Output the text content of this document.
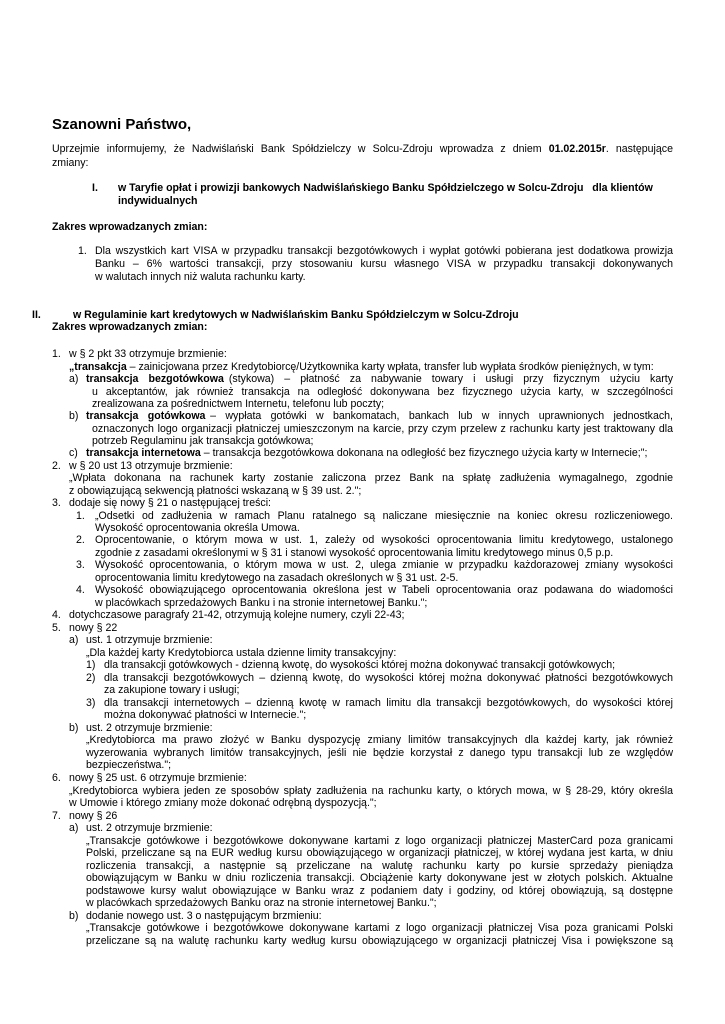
Szanowni Państwo,
Uprzejmie informujemy, że Nadwiślański Bank Spółdzielczy w Solcu-Zdroju wprowadza z dniem 01.02.2015r. następujące
zmiany:
I. w Taryfie opłat i prowizji bankowych Nadwiślańskiego Banku Spółdzielczego w Solcu-Zdroju   dla klientów
indywidualnych
Zakres wprowadzanych zmian:
1. Dla wszystkich kart VISA w przypadku transakcji bezgotówkowych i wypłat gotówki pobierana jest dodatkowa prowizja
Banku – 6% wartości transakcji, przy stosowaniu kursu własnego VISA w przypadku transakcji dokonywanych
w walutach innych niż waluta rachunku karty.
II.	w Regulaminie kart kredytowych w Nadwiślańskim Banku Spółdzielczym w Solcu-Zdroju
Zakres wprowadzanych zmian:
1. w § 2 pkt 33 otrzymuje brzmienie:
„transakcja – zainicjowana przez Kredytobiorcę/Użytkownika karty wpłata, transfer lub wypłata środków pieniężnych, w tym:
a) transakcja  bezgotówkowa (stykowa)  –  płatność  za  nabywanie  towary  i  usługi  przy  fizycznym  użyciu  karty
u akceptantów, jak również transakcja na odległość dokonywana bez fizycznego użycia karty, w szczególności
zrealizowana za pośrednictwem Internetu, telefonu lub poczty;
b) transakcja  gotówkowa –  wypłata  gotówki  w  bankomatach,  bankach  lub  w  innych  uprawnionych  jednostkach,
oznaczonych logo organizacji płatniczej umieszczonym na karcie, przy czym przelew z rachunku karty jest traktowany dla
potrzeb Regulaminu jak transakcja gotówkowa;
c) transakcja internetowa – transakcja bezgotówkowa dokonana na odległość bez fizycznego użycia karty w Internecie;";
2. w § 20 ust 13 otrzymuje brzmienie:
„Wpłata dokonana na rachunek karty zostanie zaliczona przez Bank na spłatę zadłużenia wymagalnego, zgodnie
z obowiązującą sekwencją płatności wskazaną w § 39 ust. 2.";
3. dodaje się nowy § 21 o następującej treści:
1. „Odsetki od zadłużenia w ramach Planu ratalnego są naliczane miesięcznie na koniec okresu rozliczeniowego.
Wysokość oprocentowania określa Umowa.
2. Oprocentowanie, o którym mowa w ust. 1, zależy od wysokości oprocentowania limitu kredytowego, ustalonego
zgodnie z zasadami określonymi w § 31 i stanowi wysokość oprocentowania limitu kredytowego minus 0,5 p.p.
3. Wysokość oprocentowania, o którym mowa w ust. 2, ulega zmianie w przypadku każdorazowej zmiany wysokości
oprocentowania limitu kredytowego na zasadach określonych w § 31 ust. 2-5.
4. Wysokość obowiązującego oprocentowania określona jest w Tabeli oprocentowania oraz podawana do wiadomości
w placówkach sprzedażowych Banku i na stronie internetowej Banku.";
4. dotychczasowe paragrafy 21-42, otrzymują kolejne numery, czyli 22-43;
5. nowy § 22
a) ust. 1 otrzymuje brzmienie:
„Dla każdej karty Kredytobiorca ustala dzienne limity transakcyjny:
1) dla transakcji gotówkowych - dzienną kwotę, do wysokości której można dokonywać transakcji gotówkowych;
2) dla transakcji bezgotówkowych – dzienną kwotę, do wysokości której można dokonywać płatności bezgotówkowych
za zakupione towary i usługi;
3) dla transakcji internetowych – dzienną kwotę w ramach limitu dla transakcji bezgotówkowych, do wysokości której
można dokonywać płatności w Internecie.";
b) ust. 2 otrzymuje brzmienie:
„Kredytobiorca ma prawo złożyć w Banku dyspozycję zmiany limitów transakcyjnych dla każdej karty, jak również
wyzerowania wybranych limitów transakcyjnych, jeśli nie będzie korzystał z danego typu transakcji lub ze względów
bezpieczeństwa.";
6. nowy § 25 ust. 6 otrzymuje brzmienie:
„Kredytobiorca wybiera jeden ze sposobów spłaty zadłużenia na rachunku karty, o których mowa, w § 28-29, który określa
w Umowie i którego zmiany może dokonać odrębną dyspozycją.";
7. nowy § 26
a) ust. 2 otrzymuje brzmienie:
„Transakcje gotówkowe i bezgotówkowe dokonywane kartami z logo organizacji płatniczej MasterCard poza granicami
Polski, przeliczane są na EUR według kursu obowiązującego w organizacji płatniczej, w której wydana jest karta, w dniu
rozliczenia  transakcji,  a  następnie  są  przeliczane  na  walutę  rachunku  karty  po  kursie  sprzedaży  pieniądza
obowiązującym w Banku w dniu rozliczenia transakcji. Obciążenie karty dokonywane jest w złotych polskich. Aktualne
podstawowe kursy walut obowiązujące w Banku wraz z podaniem daty i godziny, od której obowiązują, są dostępne
w placówkach sprzedażowych Banku oraz na stronie internetowej Banku.";
b) dodanie nowego ust. 3 o następującym brzmieniu:
„Transakcje gotówkowe i bezgotówkowe dokonywane kartami z logo organizacji płatniczej Visa poza granicami Polski
przeliczane są na walutę rachunku karty według kursu obowiązującego w organizacji płatniczej Visa i powiększone są
